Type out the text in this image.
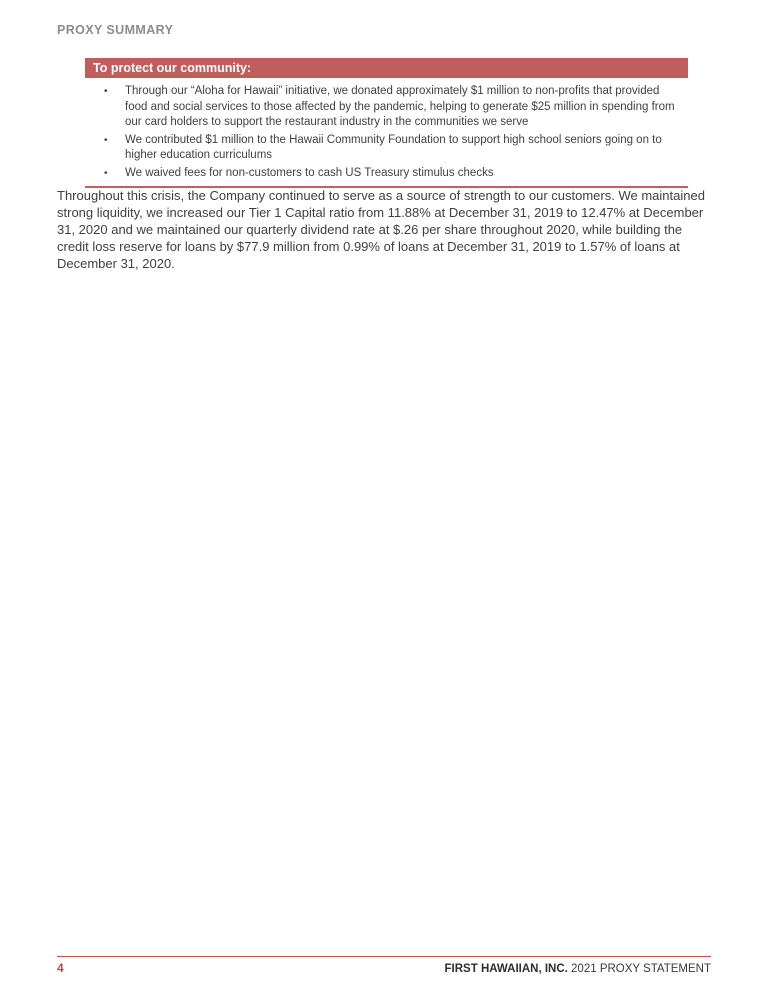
PROXY SUMMARY
To protect our community:
•	Through our “Aloha for Hawaii” initiative, we donated approximately $1 million to non-profits that provided food and social services to those affected by the pandemic, helping to generate $25 million in spending from our card holders to support the restaurant industry in the communities we serve
•	We contributed $1 million to the Hawaii Community Foundation to support high school seniors going on to higher education curriculums
•	We waived fees for non-customers to cash US Treasury stimulus checks

Throughout this crisis, the Company continued to serve as a source of strength to our customers. We maintained strong liquidity, we increased our Tier 1 Capital ratio from 11.88% at December 31, 2019 to 12.47% at December 31, 2020 and we maintained our quarterly dividend rate at $.26 per share throughout 2020, while building the credit loss reserve for loans by $77.9 million from 0.99% of loans at December 31, 2019 to 1.57% of loans at December 31, 2020.

4	FIRST HAWAIIAN, INC. 2021 PROXY STATEMENT
